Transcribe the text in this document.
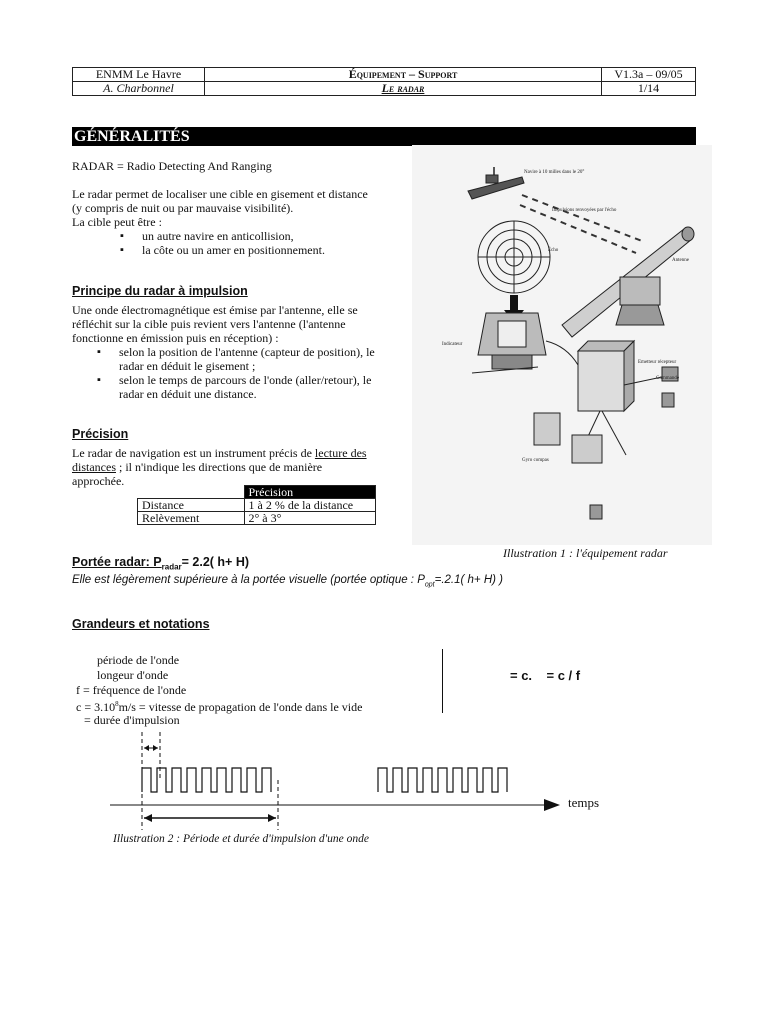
ENMM Le Havre	Équipement – Support	V1.3a – 09/05
A. Charbonnel	Le radar	1/14
GÉNÉRALITÉS
RADAR = Radio Detecting And Ranging
Le radar permet de localiser une cible en gisement et distance
(y compris de nuit ou par mauvaise visibilité).
La cible peut être :
▪ un autre navire en anticollision,
▪ la côte ou un amer en positionnement.
Principe du radar à impulsion
Une onde électromagnétique est émise par l'antenne, elle se
réfléchit sur la cible puis revient vers l'antenne (l'antenne
fonctionne en émission puis en réception) :
▪ selon la position de l'antenne (capteur de position), le
radar en déduit le gisement ;
▪ selon le temps de parcours de l'onde (aller/retour), le
radar en déduit une distance.
Précision
Le radar de navigation est un instrument précis de lecture des
distances ; il n'indique les directions que de manière
approchée.
	Précision
Distance	1 à 2 % de la distance
Relèvement	2° à 3°
Navire à 10 milles dans le 20°
Impulsions renvoyées par l'écho
Écho
Antenne
Indicateur
Emetteur récepteur
Gyro compas
Commande
Illustration 1 : l'équipement radar
Portée radar: $P_{radar}= 2.2$( h+ H)
Elle est légèrement supérieure à la portée visuelle (portée optique : $P_{opt}=.2.1$( h+ H) )
Grandeurs et notations
période de l'onde
longeur d'onde
f = fréquence de l'onde
$c = 3.10^8m/s$ = vitesse de propagation de l'onde dans le vide
= durée d'impulsion
= c.    = c / f
temps
Illustration 2 : Période et durée d'impulsion d'une onde
